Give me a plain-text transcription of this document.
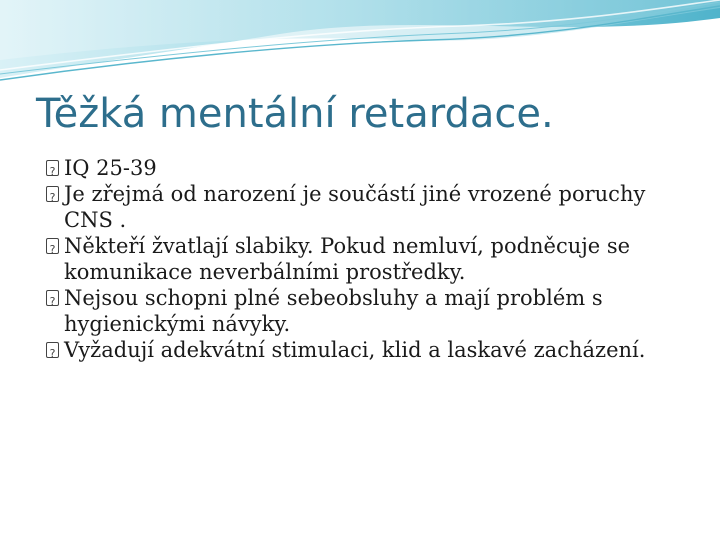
Těžká mentální retardace.
?
IQ 25-39
?
Je zřejmá od narození je součástí jiné vrozené poruchy CNS .
?
Někteří žvatlají slabiky. Pokud nemluví, podněcuje se komunikace neverbálními prostředky.
?
Nejsou schopni plné sebeobsluhy a mají problém s hygienickými návyky.
?
Vyžadují adekvátní stimulaci, klid a laskavé zacházení.
